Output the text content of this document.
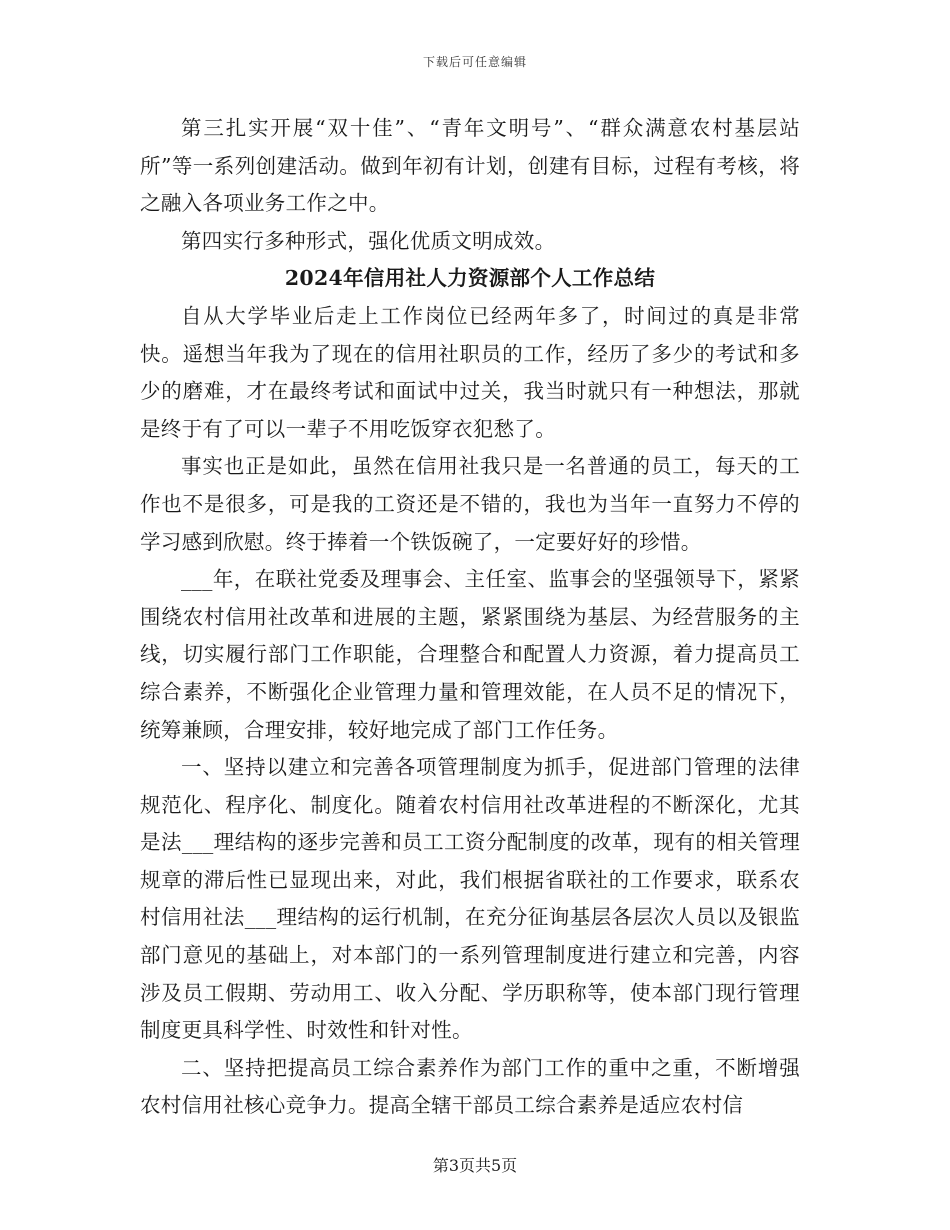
下载后可任意编辑

第三扎实开展“双十佳”、“青年文明号”、“群众满意农村基层站所”等一系列创建活动。做到年初有计划，创建有目标，过程有考核，将之融入各项业务工作之中。

第四实行多种形式，强化优质文明成效。

2024年信用社人力资源部个人工作总结

自从大学毕业后走上工作岗位已经两年多了，时间过的真是非常快。遥想当年我为了现在的信用社职员的工作，经历了多少的考试和多少的磨难，才在最终考试和面试中过关，我当时就只有一种想法，那就是终于有了可以一辈子不用吃饭穿衣犯愁了。

事实也正是如此，虽然在信用社我只是一名普通的员工，每天的工作也不是很多，可是我的工资还是不错的，我也为当年一直努力不停的学习感到欣慰。终于捧着一个铁饭碗了，一定要好好的珍惜。

___年，在联社党委及理事会、主任室、监事会的坚强领导下，紧紧围绕农村信用社改革和进展的主题，紧紧围绕为基层、为经营服务的主线，切实履行部门工作职能，合理整合和配置人力资源，着力提高员工综合素养，不断强化企业管理力量和管理效能，在人员不足的情况下，统筹兼顾，合理安排，较好地完成了部门工作任务。

一、坚持以建立和完善各项管理制度为抓手，促进部门管理的法律规范化、程序化、制度化。随着农村信用社改革进程的不断深化，尤其是法___理结构的逐步完善和员工工资分配制度的改革，现有的相关管理规章的滞后性已显现出来，对此，我们根据省联社的工作要求，联系农村信用社法___理结构的运行机制，在充分征询基层各层次人员以及银监部门意见的基础上，对本部门的一系列管理制度进行建立和完善，内容涉及员工假期、劳动用工、收入分配、学历职称等，使本部门现行管理制度更具科学性、时效性和针对性。

二、坚持把提高员工综合素养作为部门工作的重中之重，不断增强农村信用社核心竞争力。提高全辖干部员工综合素养是适应农村信

第3页共5页
